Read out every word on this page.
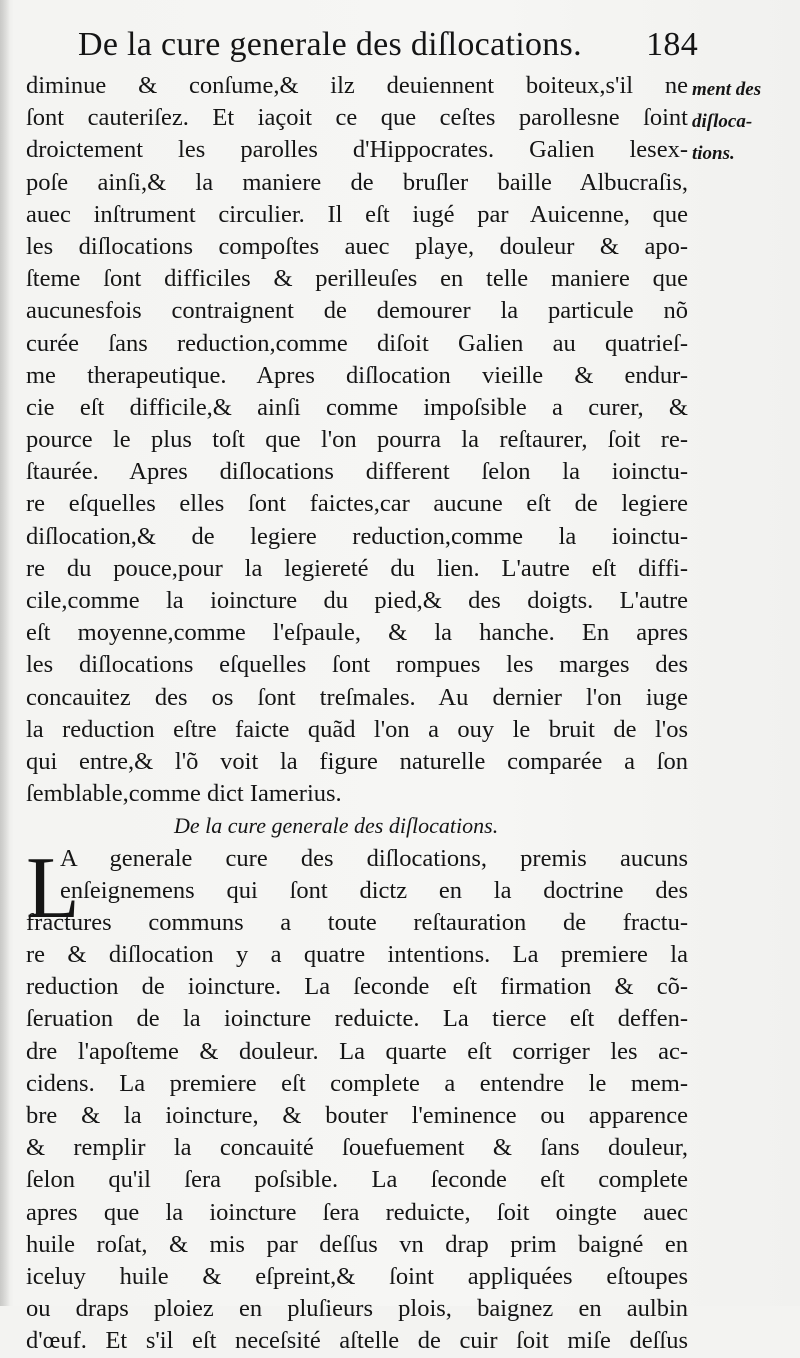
De la cure generale des diſlocations. 184
ment des
diſloca-
tions.
diminue & conſume,& ilz deuiennent boiteux,s'il ne
ſont cauteriſez. Et iaçoit ce que ceſtes parollesne ſoint
droictement les parolles d'Hippocrates. Galien lesex-
poſe ainſi,& la maniere de bruſler baille Albucraſis,
auec inſtrument circulier. Il eſt iugé par Auicenne, que
les diſlocations compoſtes auec playe, douleur & apo-
ſteme ſont difficiles & perilleuſes en telle maniere que
aucunesfois contraignent de demourer la particule nõ
curée ſans reduction,comme diſoit Galien au quatrieſ-
me therapeutique. Apres diſlocation vieille & endur-
cie eſt difficile,& ainſi comme impoſsible a curer, &
pource le plus toſt que l'on pourra la reſtaurer, ſoit re-
ſtaurée. Apres diſlocations different ſelon la ioinctu-
re eſquelles elles ſont faictes,car aucune eſt de legiere
diſlocation,& de legiere reduction,comme la ioinctu-
re du pouce,pour la legiereté du lien. L'autre eſt diffi-
cile,comme la ioincture du pied,& des doigts. L'autre
eſt moyenne,comme l'eſpaule, & la hanche. En apres
les diſlocations eſquelles ſont rompues les marges des
concauitez des os ſont treſmales. Au dernier l'on iuge
la reduction eſtre faicte quãd l'on a ouy le bruit de l'os
qui entre,& l'õ voit la figure naturelle comparée a ſon
ſemblable,comme dict Iamerius.
De la cure generale des diſlocations.
L
A generale cure des diſlocations, premis aucuns
enſeignemens qui ſont dictz en la doctrine des
fractures communs a toute reſtauration de fractu-
re & diſlocation y a quatre intentions. La premiere la
reduction de ioincture. La ſeconde eſt firmation & cõ-
ſeruation de la ioincture reduicte. La tierce eſt deffen-
dre l'apoſteme & douleur. La quarte eſt corriger les ac-
cidens. La premiere eſt complete a entendre le mem-
bre & la ioincture, & bouter l'eminence ou apparence
& remplir la concauité ſouefuement & ſans douleur,
ſelon qu'il ſera poſsible. La ſeconde eſt complete
apres que la ioincture ſera reduicte, ſoit oingte auec
huile roſat, & mis par deſſus vn drap prim baigné en
iceluy huile & eſpreint,& ſoint appliquées eſtoupes
ou draps ploiez en pluſieurs plois, baignez en aulbin
d'œuf. Et s'il eſt neceſsité aſtelle de cuir ſoit miſe deſſus
